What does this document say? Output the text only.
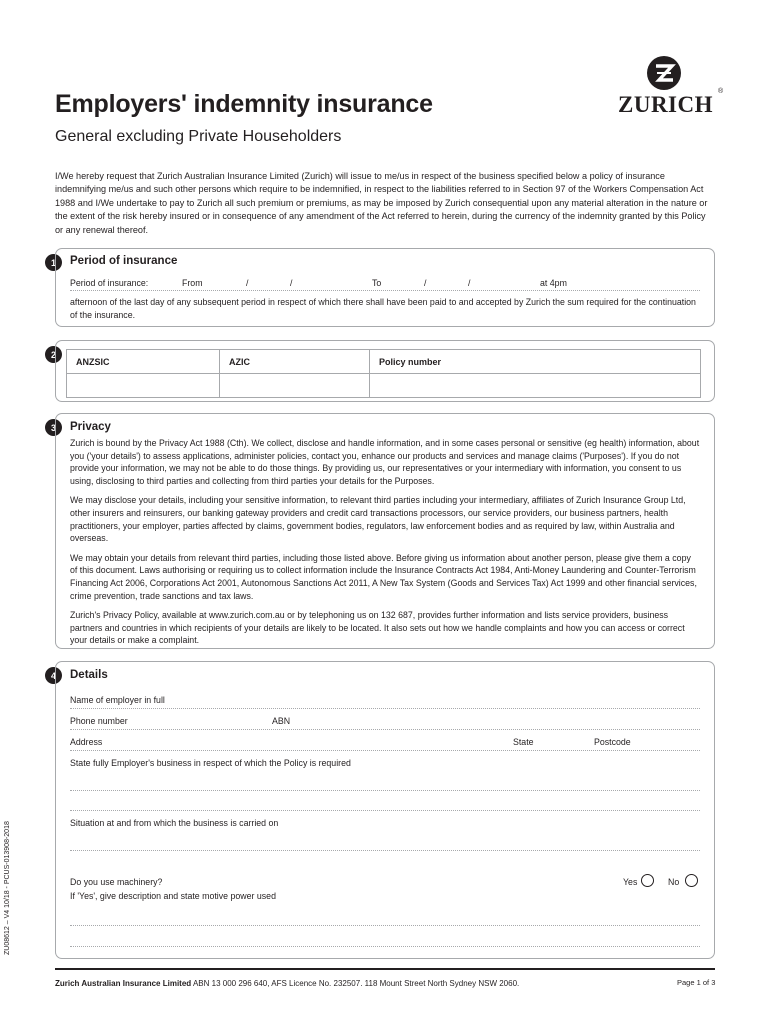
Employers' indemnity insurance
General excluding Private Householders
ZURICH
®
I/We hereby request that Zurich Australian Insurance Limited (Zurich) will issue to me/us in respect of the business specified below a policy of insurance indemnifying me/us and such other persons which require to be indemnified, in respect to the liabilities referred to in Section 97 of the Workers Compensation Act 1988 and I/We undertake to pay to Zurich all such premium or premiums, as may be imposed by Zurich consequential upon any material alteration in the nature or the extent of the risk hereby insured or in consequence of any amendment of the Act referred to herein, during the currency of the indemnity granted by this Policy or any renewal thereof.
1	Period of insurance
Period of insurance:	From	/	/	To	/	/	at 4pm
afternoon of the last day of any subsequent period in respect of which there shall have been paid to and accepted by Zurich the sum required for the continuation of the insurance.
2
ANZSIC	AZIC	Policy number

3	Privacy

Zurich is bound by the Privacy Act 1988 (Cth). We collect, disclose and handle information, and in some cases personal or sensitive (eg health) information, about you ('your details') to assess applications, administer policies, contact you, enhance our products and services and manage claims ('Purposes'). If you do not provide your information, we may not be able to do those things. By providing us, our representatives or your intermediary with information, you consent to us using, disclosing to third parties and collecting from third parties your details for the Purposes.

We may disclose your details, including your sensitive information, to relevant third parties including your intermediary, affiliates of Zurich Insurance Group Ltd, other insurers and reinsurers, our banking gateway providers and credit card transactions processors, our service providers, our business partners, health practitioners, your employer, parties affected by claims, government bodies, regulators, law enforcement bodies and as required by law, within Australia and overseas.

We may obtain your details from relevant third parties, including those listed above. Before giving us information about another person, please give them a copy of this document. Laws authorising or requiring us to collect information include the Insurance Contracts Act 1984, Anti-Money Laundering and Counter-Terrorism Financing Act 2006, Corporations Act 2001, Autonomous Sanctions Act 2011, A New Tax System (Goods and Services Tax) Act 1999 and other financial services, crime prevention, trade sanctions and tax laws.

Zurich's Privacy Policy, available at www.zurich.com.au or by telephoning us on 132 687, provides further information and lists service providers, business partners and countries in which recipients of your details are likely to be located. It also sets out how we handle complaints and how you can access or correct your details or make a complaint.

4	Details
Name of employer in full
Phone number	ABN
Address	State	Postcode
State fully Employer's business in respect of which the Policy is required
Situation at and from which the business is carried on
Do you use machinery?	Yes	No
If 'Yes', give description and state motive power used
ZU08612 – V4 10/18 - PCUS-013908-2018
Zurich Australian Insurance Limited ABN 13 000 296 640, AFS Licence No. 232507. 118 Mount Street North Sydney NSW 2060.	Page 1 of 3
